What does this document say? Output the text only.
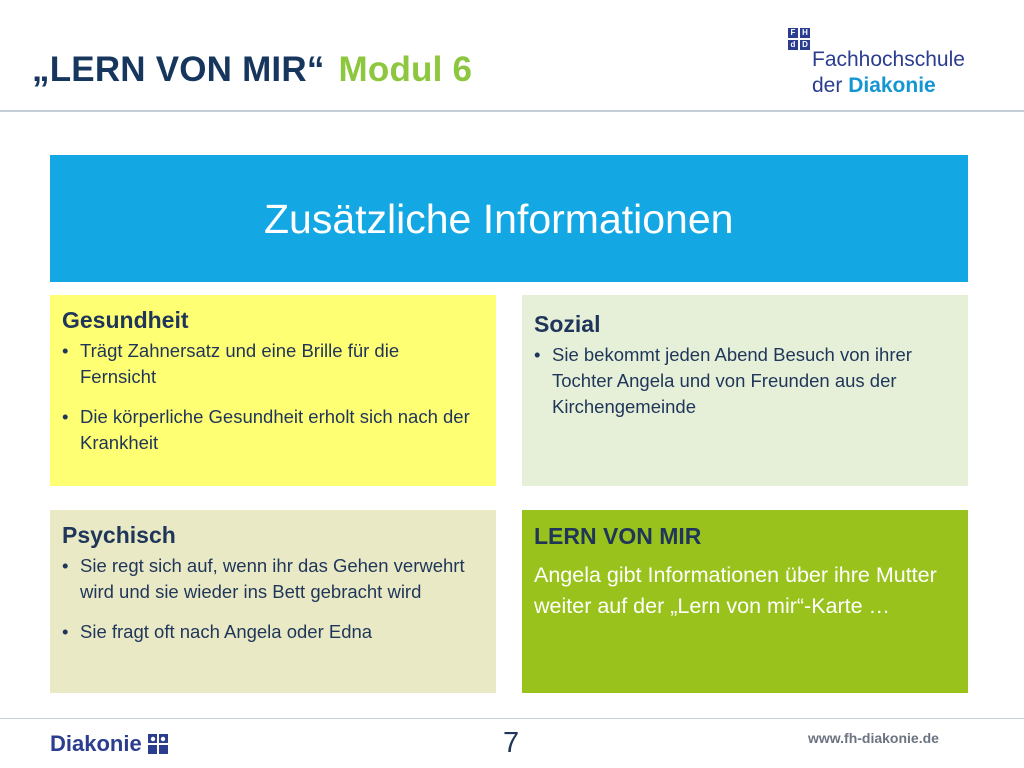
„LERN VON MIR“ Modul 6
F H
d D
Fachhochschule
der Diakonie
Zusätzliche Informationen
Gesundheit
• Trägt Zahnersatz und eine Brille für die Fernsicht
• Die körperliche Gesundheit erholt sich nach der Krankheit
Sozial
• Sie bekommt jeden Abend Besuch von ihrer Tochter Angela und von Freunden aus der Kirchengemeinde
Psychisch
• Sie regt sich auf, wenn ihr das Gehen verwehrt wird und sie wieder ins Bett gebracht wird
• Sie fragt oft nach Angela oder Edna
LERN VON MIR

Angela gibt Informationen über ihre Mutter weiter auf der „Lern von mir“-Karte …

Diakonie	7	www.fh-diakonie.de
